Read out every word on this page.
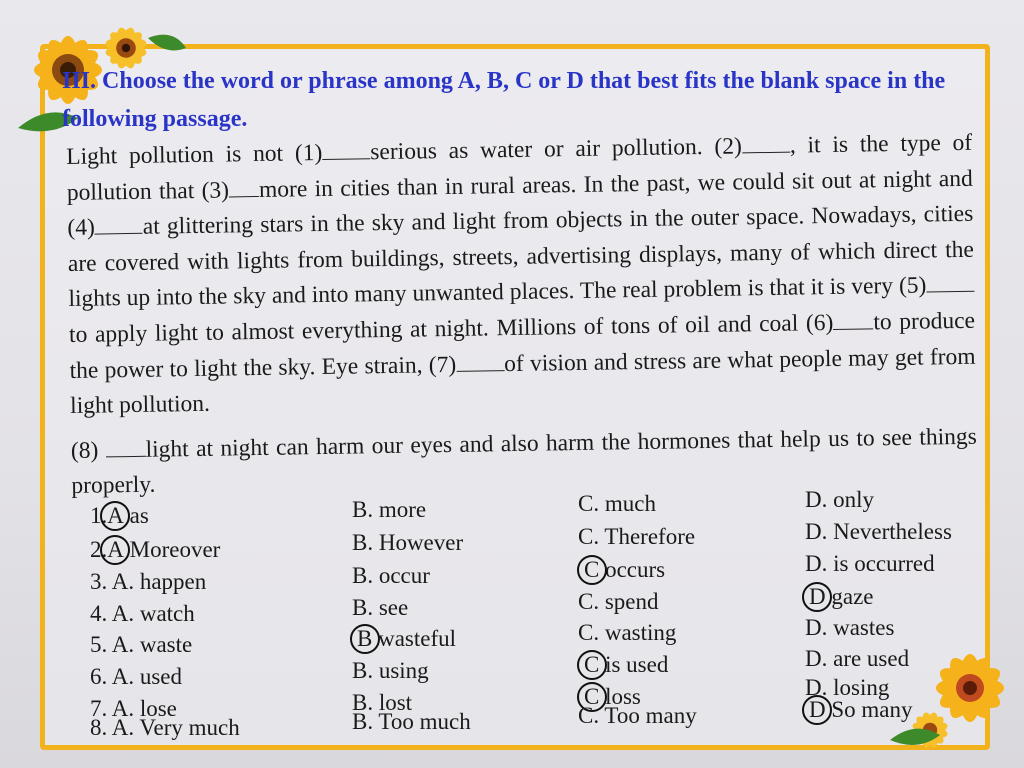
III. Choose the word or phrase among A, B, C or D that best fits the blank space in the following passage.

Light pollution is not (1) serious as water or air pollution. (2) , it is the type of pollution that (3) more in cities than in rural areas. In the past, we could sit out at night and (4) at glittering stars in the sky and light from objects in the outer space. Nowadays, cities are covered with lights from buildings, streets, advertising displays, many of which direct the lights up into the sky and into many unwanted places. The real problem is that it is very (5)to apply light to almost everything at night. Millions of tons of oil and coal (6) to produce the power to light the sky. Eye strain, (7) of vision and stress are what people may get from light pollution.

(8) light at night can harm our eyes and also harm the hormones that help us to see things properly.

1.A as	B. more	C. much	D. only
2.A Moreover	B. However	C. Therefore	D. Nevertheless
3. A. happen	B. occur	C occurs	D. is occurred
4. A. watch	B. see	C. spend	D gaze
5. A. waste	B wasteful	C. wasting	D. wastes
6. A. used	B. using	C is used	D. are used
7. A. lose	B. lost	C loss	D. losing
8. A. Very much	B. Too much	C. Too many	D So many
